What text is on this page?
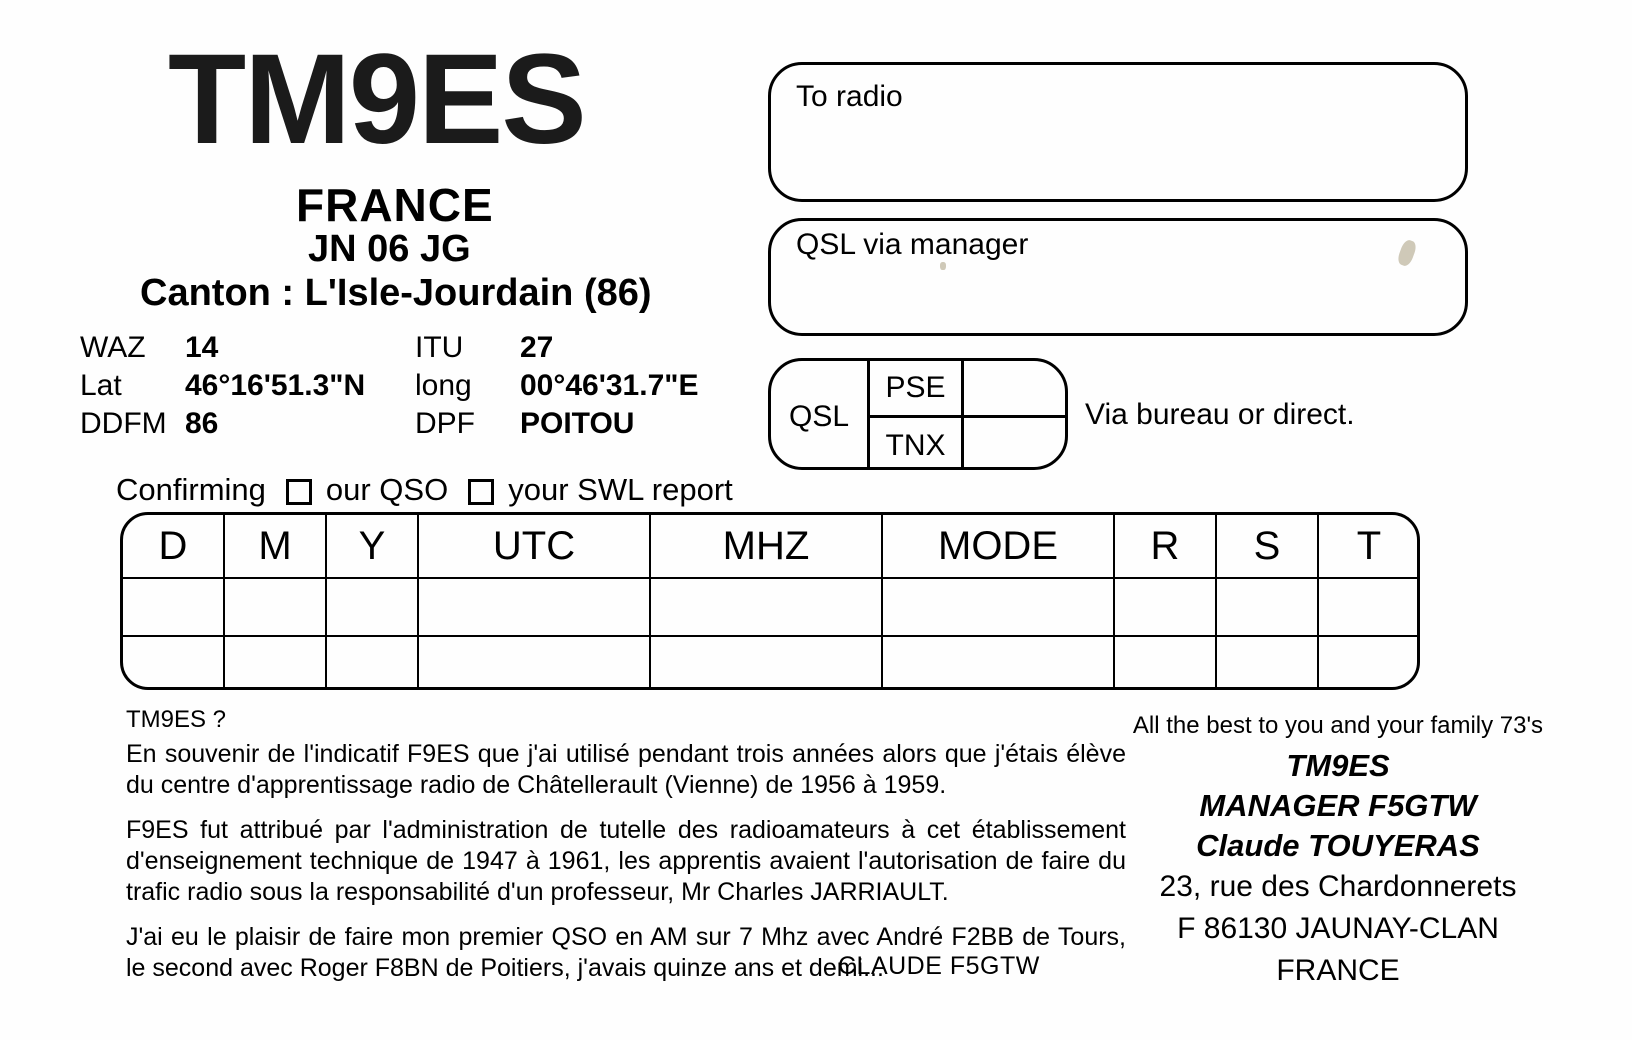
TM9ES
FRANCE
JN 06 JG
Canton : L'Isle-Jourdain (86)
WAZ	14	ITU	27
Lat	46°16'51.3"N	long	00°46'31.7"E
DDFM 86	DPF	POITOU
To radio
QSL via manager
QSL
PSE
TNX
Via bureau or direct.
Confirming our QSO your SWL report
D	M	Y	UTC	MHZ	MODE	R	S	T

TM9ES ?

En souvenir de l'indicatif F9ES que j'ai utilisé pendant trois années alors que j'étais élève du centre d'apprentissage radio de Châtellerault (Vienne) de 1956 à 1959.

F9ES fut attribué par l'administration de tutelle des radioamateurs à cet établissement d'enseignement technique de 1947 à 1961, les apprentis avaient l'autorisation de faire du trafic radio sous la responsabilité d'un professeur, Mr Charles JARRIAULT.

J'ai eu le plaisir de faire mon premier QSO en AM sur 7 Mhz avec André F2BB de Tours, le second avec Roger F8BN de Poitiers, j'avais quinze ans et demi...

CLAUDE F5GTW
All the best to you and your family 73's
TM9ES
MANAGER F5GTW
Claude TOUYERAS
23, rue des Chardonnerets
F 86130 JAUNAY-CLAN
FRANCE
